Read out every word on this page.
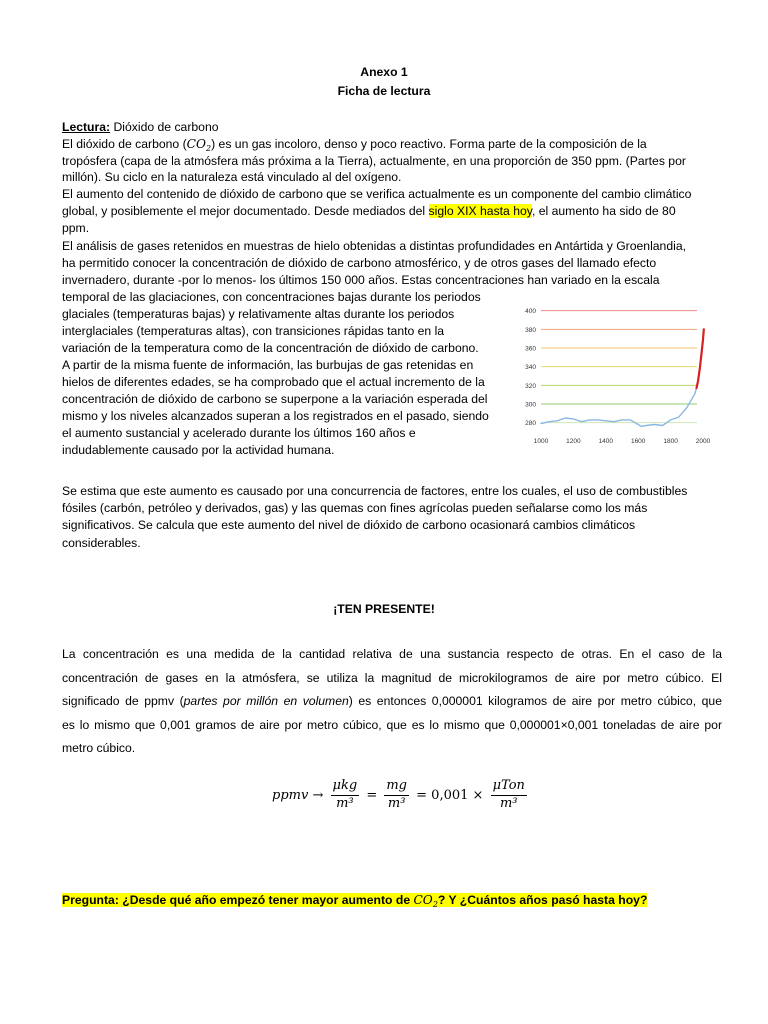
Anexo 1
Ficha de lectura
Lectura: Dióxido de carbono
El dióxido de carbono $(CO_2)$ es un gas incoloro, denso y poco reactivo. Forma parte de la composición de la
tropósfera (capa de la atmósfera más próxima a la Tierra), actualmente, en una proporción de 350 ppm. (Partes por
millón). Su ciclo en la naturaleza está vinculado al del oxígeno.
El aumento del contenido de dióxido de carbono que se verifica actualmente es un componente del cambio climático
global, y posiblemente el mejor documentado. Desde mediados del siglo XIX hasta hoy, el aumento ha sido de 80
ppm.
El análisis de gases retenidos en muestras de hielo obtenidas a distintas profundidades en Antártida y Groenlandia,
ha permitido conocer la concentración de dióxido de carbono atmosférico, y de otros gases del llamado efecto
invernadero, durante -por lo menos- los últimos 150 000 años. Estas concentraciones han variado en la escala
temporal de las glaciaciones, con concentraciones bajas durante los periodos
glaciales (temperaturas bajas) y relativamente altas durante los periodos
interglaciales (temperaturas altas), con transiciones rápidas tanto en la
variación de la temperatura como de la concentración de dióxido de carbono.
A partir de la misma fuente de información, las burbujas de gas retenidas en
hielos de diferentes edades, se ha comprobado que el actual incremento de la
concentración de dióxido de carbono se superpone a la variación esperada del
mismo y los niveles alcanzados superan a los registrados en el pasado, siendo
el aumento sustancial y acelerado durante los últimos 160 años e
indudablemente causado por la actividad humana.
280
300
320
340
360
380
400
1000	1200	1400	1600	1800	2000
Se estima que este aumento es causado por una concurrencia de factores, entre los cuales, el uso de combustibles
fósiles (carbón, petróleo y derivados, gas) y las quemas con fines agrícolas pueden señalarse como los más
significativos. Se calcula que este aumento del nivel de dióxido de carbono ocasionará cambios climáticos
considerables.
¡TEN PRESENTE!
La concentración es una medida de la cantidad relativa de una sustancia respecto de otras. En el caso de la
concentración de gases en la atmósfera, se utiliza la magnitud de microkilogramos de aire por metro cúbico. El
significado de ppmv (partes por millón en volumen) es entonces 0,000001 kilogramos de aire por metro cúbico, que
es lo mismo que 0,001 gramos de aire por metro cúbico, que es lo mismo que 0,000001×0,001 toneladas de aire por
metro cúbico.
ppmv → $\frac{\text{μkg}}{\text{m³}} = \frac{mg}{\text{m³}} = 0,001 \times \frac{\text{μTon}}{\text{m³}}$
Pregunta: ¿Desde qué año empezó tener mayor aumento de $CO_2$? Y ¿Cuántos años pasó hasta hoy?
